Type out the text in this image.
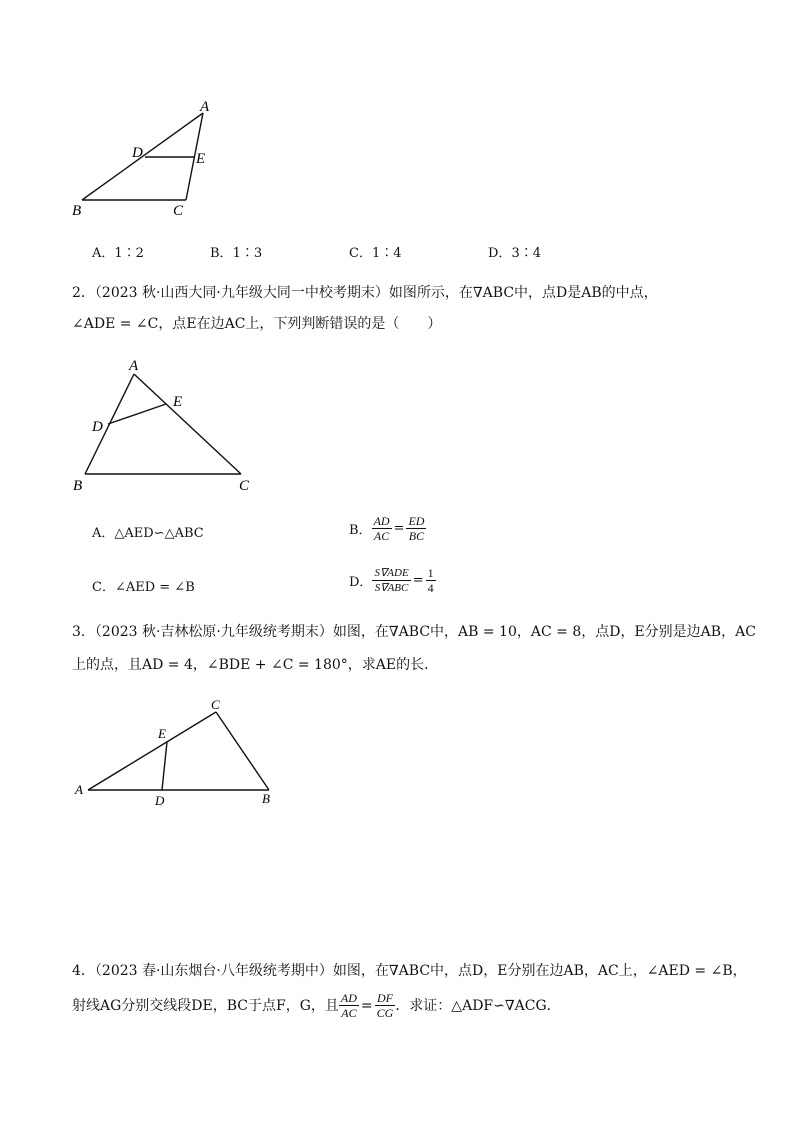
A
D	E
B	C
A．1∶2	B．1∶3	C．1∶4	D．3∶4
2．（2023 秋·山西大同·九年级大同一中校考期末）如图所示，在∇ABC中，点D是AB的中点，
∠ADE = ∠C，点E在边AC上，下列判断错误的是（　　）
A
E
D
B	C
A．△AED∽△ABC	B． $\frac{AD}{AC} = \frac{ED}{BC}$
C．∠AED = ∠B	D． $\frac{\text{S∇ADE}}{\text{S∇ABC}} = \frac{1}{4}$
3．（2023 秋·吉林松原·九年级统考期末）如图，在∇ABC中，AB = 10，AC = 8，点D，E分别是边AB，AC
上的点，且AD = 4，∠BDE + ∠C = 180°，求AE的长．
C
E
A
D	B
4．（2023 春·山东烟台·八年级统考期中）如图，在∇ABC中，点D，E分别在边AB，AC上，∠AED = ∠B，
射线AG分别交线段DE，BC于点F，G，且 $\frac{AD}{AC} = \frac{DF}{CG}$ ．求证：△ADF∽∇ACG．
